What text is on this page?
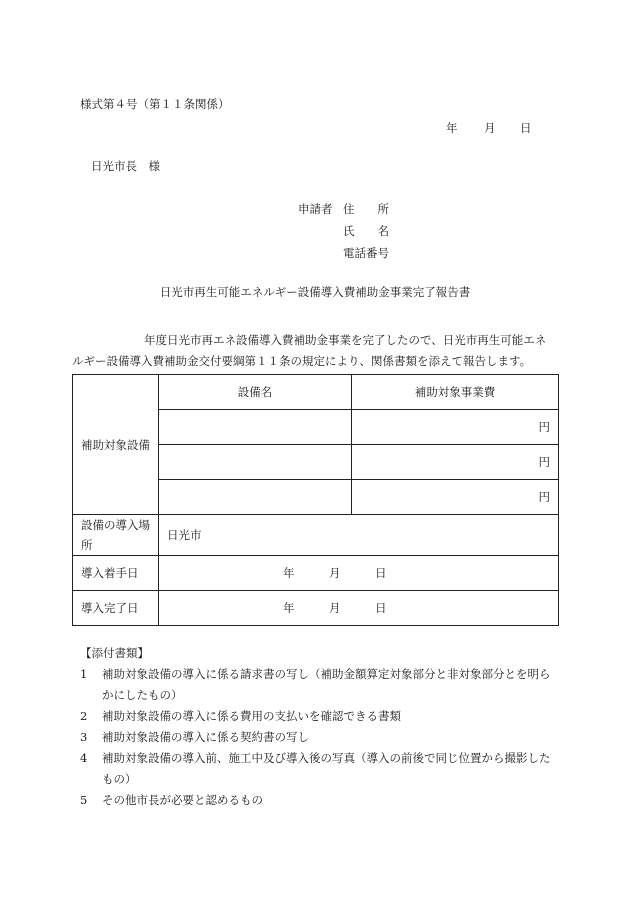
様式第４号（第１１条関係）
年 月 日
日光市長　様
申請者 住　　所
氏　　名
電話番号
日光市再生可能エネルギー設備導入費補助金事業完了報告書
年度日光市再エネ設備導入費補助金事業を完了したので、日光市再生可能エネ
ルギー設備導入費補助金交付要綱第１１条の規定により、関係書類を添えて報告します。
補助対象設備	設備名	補助対象事業費
		円
		円
		円
設備の導入場所	日光市	
導入着手日	年 月 日	
導入完了日	年 月 日	
【添付書類】
1	補助対象設備の導入に係る請求書の写し（補助金額算定対象部分と非対象部分とを明らかにしたもの）
2	補助対象設備の導入に係る費用の支払いを確認できる書類
3	補助対象設備の導入に係る契約書の写し
4	補助対象設備の導入前、施工中及び導入後の写真（導入の前後で同じ位置から撮影したもの）
5	その他市長が必要と認めるもの
